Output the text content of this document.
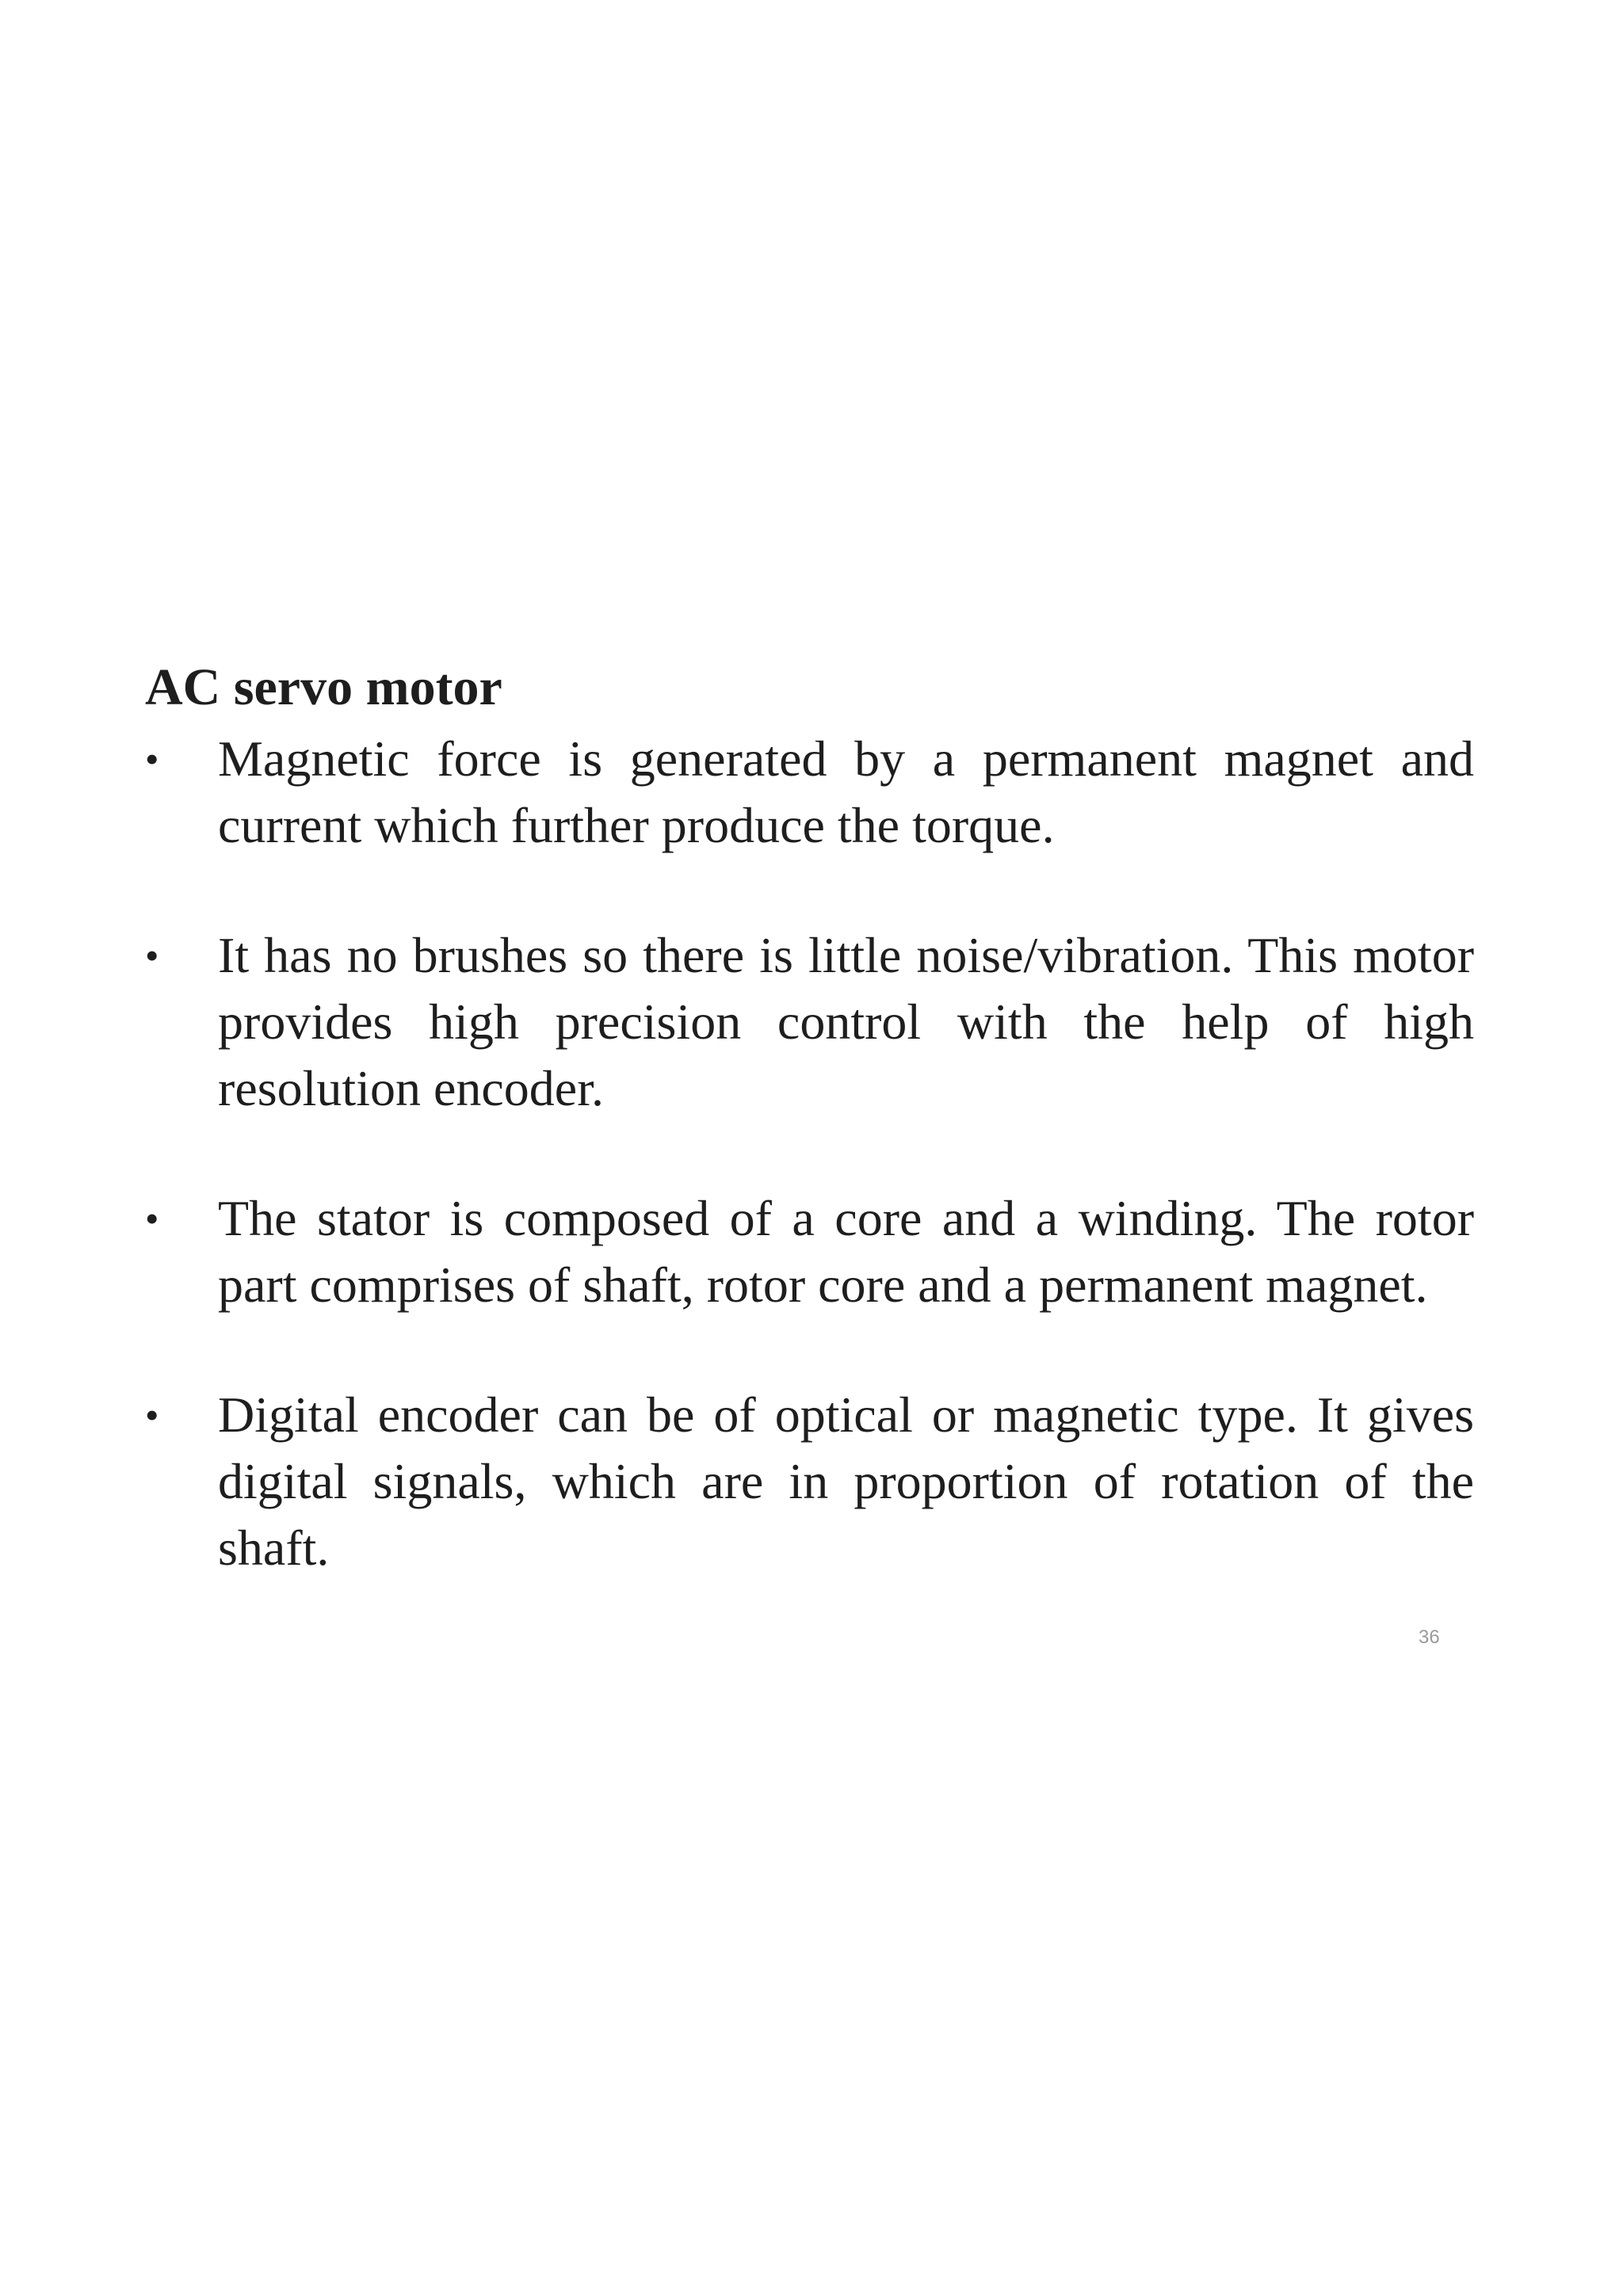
AC servo motor
• Magnetic force is generated by a permanent magnet and current which further produce the torque.
• It has no brushes so there is little noise/vibration. This motor provides high precision control with the help of high resolution encoder.
• The stator is composed of a core and a winding. The rotor part comprises of shaft, rotor core and a permanent magnet.
• Digital encoder can be of optical or magnetic type. It gives digital signals, which are in proportion of rotation of the shaft.
36
